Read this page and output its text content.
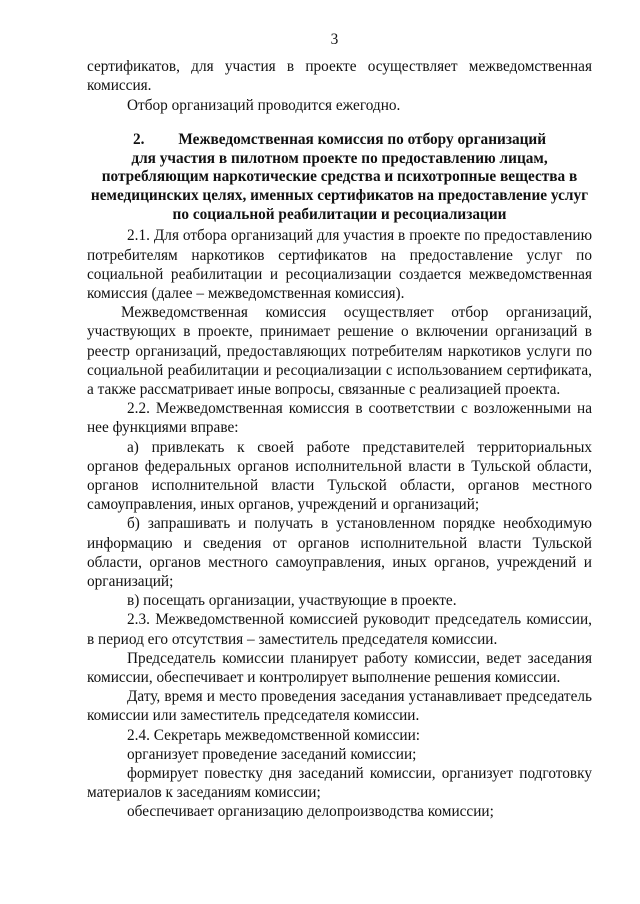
3

сертификатов, для участия в проекте осуществляет межведомственная комиссия.

Отбор организаций проводится ежегодно.

2. Межведомственная комиссия по отбору организаций
для участия в пилотном проекте по предоставлению лицам, потребляющим наркотические средства и психотропные вещества в немедицинских целях, именных сертификатов на предоставление услуг по социальной реабилитации и ресоциализации

2.1. Для отбора организаций для участия в проекте по предоставлению потребителям наркотиков сертификатов на предоставление услуг по социальной реабилитации и ресоциализации создается межведомственная комиссия (далее – межведомственная комиссия).

Межведомственная комиссия осуществляет отбор организаций, участвующих в проекте, принимает решение о включении организаций в реестр организаций, предоставляющих потребителям наркотиков услуги по социальной реабилитации и ресоциализации с использованием сертификата, а также рассматривает иные вопросы, связанные с реализацией проекта.

2.2. Межведомственная комиссия в соответствии с возложенными на нее функциями вправе:

а) привлекать к своей работе представителей территориальных органов федеральных органов исполнительной власти в Тульской области, органов исполнительной власти Тульской области, органов местного самоуправления, иных органов, учреждений и организаций;

б) запрашивать и получать в установленном порядке необходимую информацию и сведения от органов исполнительной власти Тульской области, органов местного самоуправления, иных органов, учреждений и организаций;

в) посещать организации, участвующие в проекте.

2.3. Межведомственной комиссией руководит председатель комиссии, в период его отсутствия – заместитель председателя комиссии.

Председатель комиссии планирует работу комиссии, ведет заседания комиссии, обеспечивает и контролирует выполнение решения комиссии.

Дату, время и место проведения заседания устанавливает председатель комиссии или заместитель председателя комиссии.

2.4. Секретарь межведомственной комиссии:

организует проведение заседаний комиссии;

формирует повестку дня заседаний комиссии, организует подготовку материалов к заседаниям комиссии;

обеспечивает организацию делопроизводства комиссии;
